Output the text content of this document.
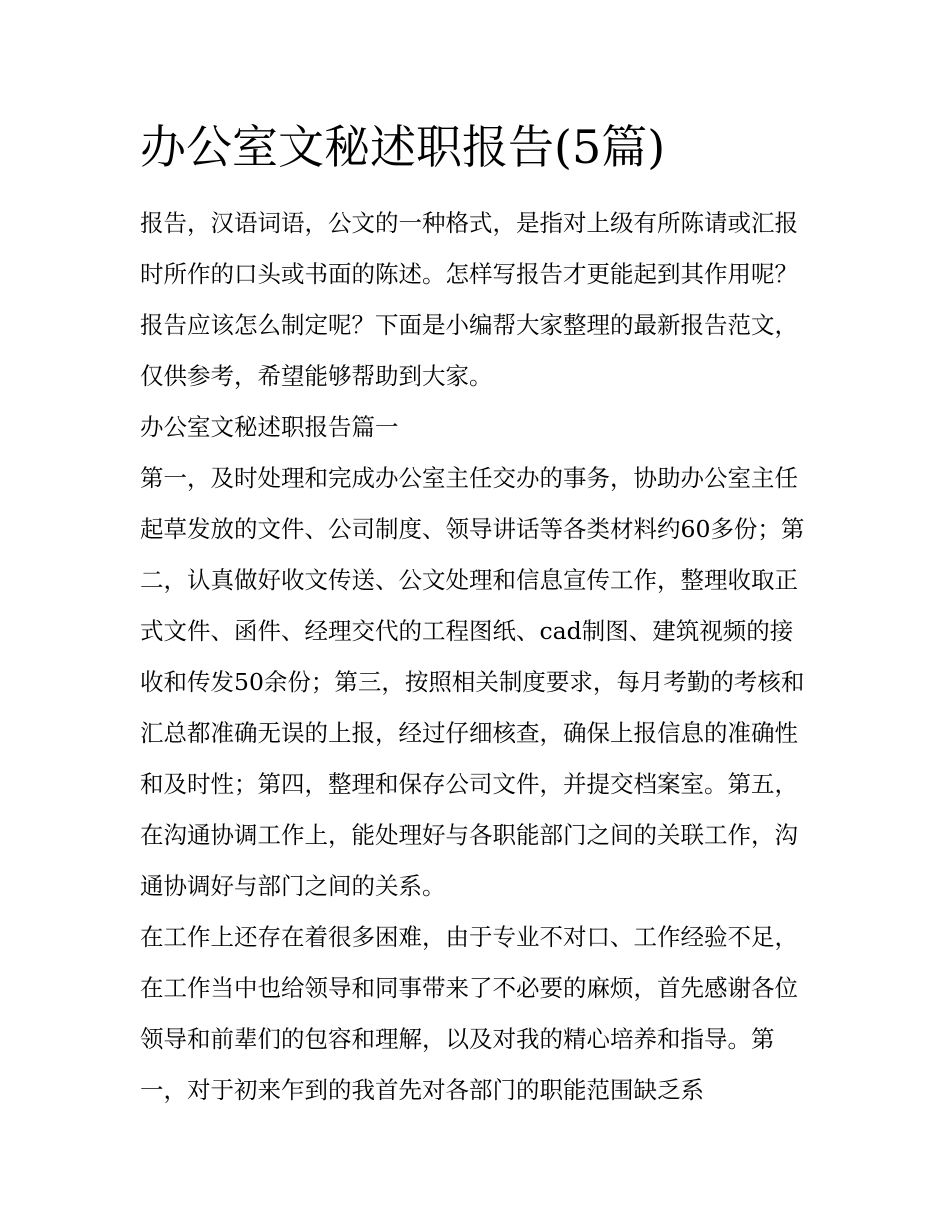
办公室文秘述职报告(5篇)

报告，汉语词语，公文的一种格式，是指对上级有所陈请或汇报时所作的口头或书面的陈述。怎样写报告才更能起到其作用呢？报告应该怎么制定呢？下面是小编帮大家整理的最新报告范文，仅供参考，希望能够帮助到大家。

办公室文秘述职报告篇一

第一，及时处理和完成办公室主任交办的事务，协助办公室主任起草发放的文件、公司制度、领导讲话等各类材料约60多份；第二，认真做好收文传送、公文处理和信息宣传工作，整理收取正式文件、函件、经理交代的工程图纸、cad制图、建筑视频的接收和传发50余份；第三，按照相关制度要求，每月考勤的考核和汇总都准确无误的上报，经过仔细核查，确保上报信息的准确性和及时性；第四，整理和保存公司文件，并提交档案室。第五，在沟通协调工作上，能处理好与各职能部门之间的关联工作，沟通协调好与部门之间的关系。

在工作上还存在着很多困难，由于专业不对口、工作经验不足，在工作当中也给领导和同事带来了不必要的麻烦，首先感谢各位领导和前辈们的包容和理解，以及对我的精心培养和指导。第一，对于初来乍到的我首先对各部门的职能范围缺乏系
